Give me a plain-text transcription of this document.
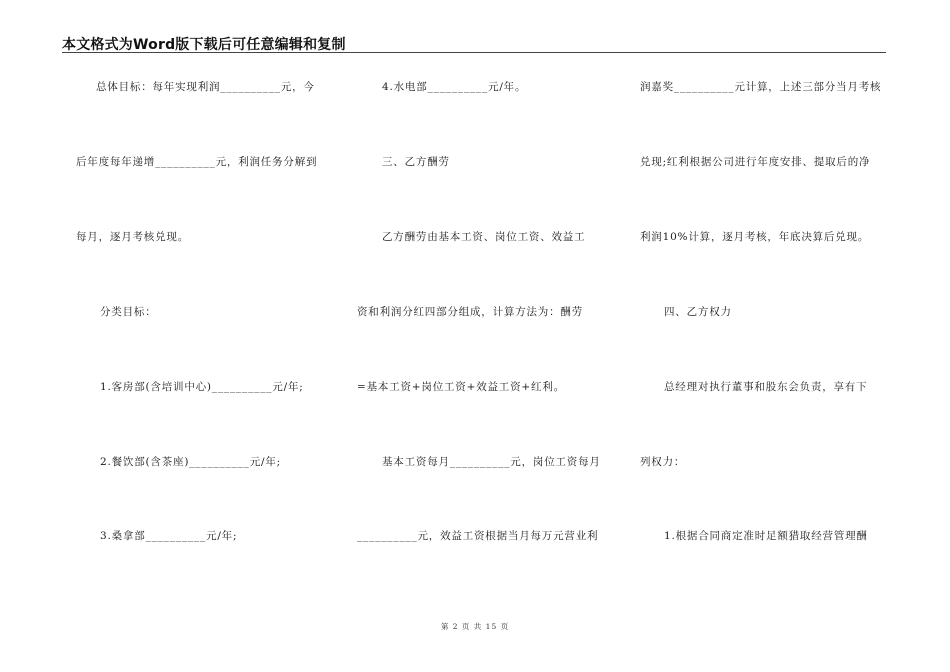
本文格式为Word版下载后可任意编辑和复制
总体目标：每年实现利润__________元，今
后年度每年递增__________元，利润任务分解到
每月，逐月考核兑现。
分类目标：
1.客房部(含培训中心)__________元/年;
2.餐饮部(含茶座)__________元/年;
3.桑拿部__________元/年;
4.水电部__________元/年。
三、乙方酬劳
乙方酬劳由基本工资、岗位工资、效益工
资和利润分红四部分组成，计算方法为：酬劳
=基本工资+岗位工资+效益工资+红利。
基本工资每月__________元，岗位工资每月
__________元，效益工资根据当月每万元营业利
润嘉奖__________元计算，上述三部分当月考核
兑现;红利根据公司进行年度安排、提取后的净
利润10%计算，逐月考核，年底决算后兑现。
四、乙方权力
总经理对执行董事和股东会负责，享有下
列权力：
1.根据合同商定准时足额猎取经营管理酬
第 2 页 共 15 页
